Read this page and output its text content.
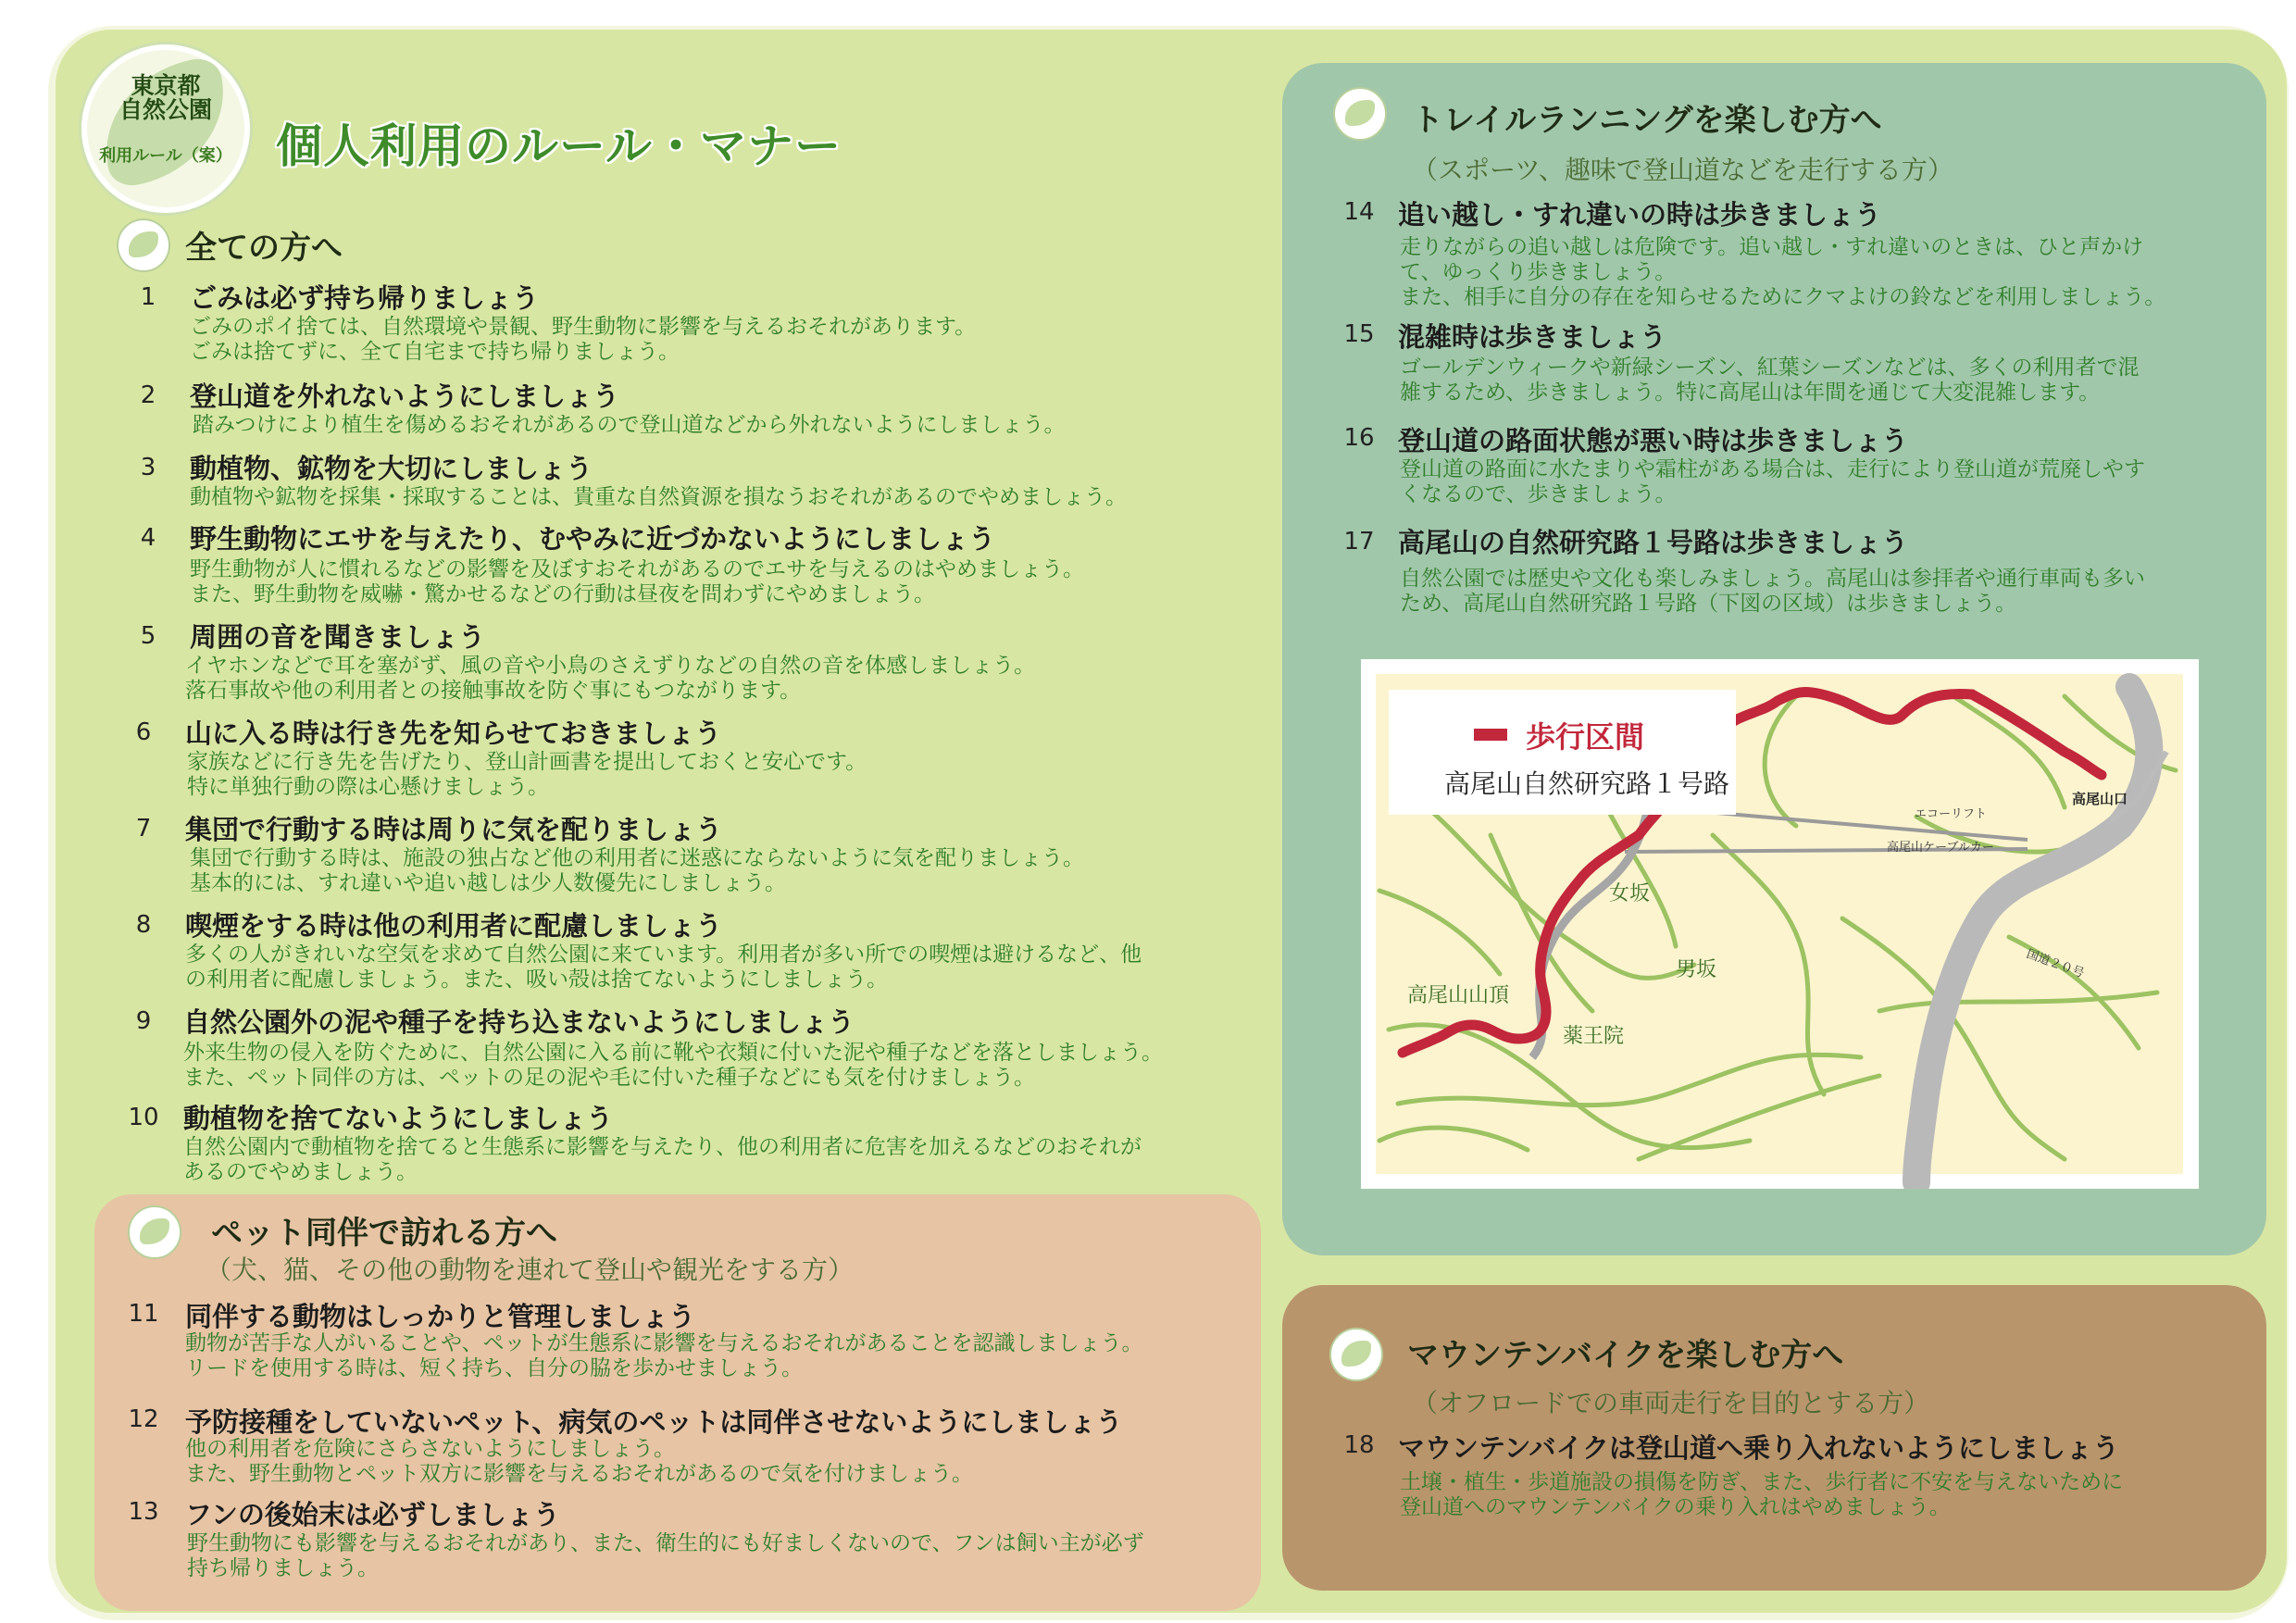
東京都
自然公園
利用ルール（案） 個人利用のルール・マナー
全ての方へ
1	ごみは必ず持ち帰りましょう
ごみのポイ捨ては、自然環境や景観、野生動物に影響を与えるおそれがあります。
ごみは捨てずに、全て自宅まで持ち帰りましょう。
2	登山道を外れないようにしましょう
踏みつけにより植生を傷めるおそれがあるので登山道などから外れないようにしましょう。
3	動植物、鉱物を大切にしましょう
動植物や鉱物を採集・採取することは、貴重な自然資源を損なうおそれがあるのでやめましょう。
4	野生動物にエサを与えたり、むやみに近づかないようにしましょう
野生動物が人に慣れるなどの影響を及ぼすおそれがあるのでエサを与えるのはやめましょう。
また、野生動物を威嚇・驚かせるなどの行動は昼夜を問わずにやめましょう。
5	周囲の音を聞きましょう
イヤホンなどで耳を塞がず、風の音や小鳥のさえずりなどの自然の音を体感しましょう。
落石事故や他の利用者との接触事故を防ぐ事にもつながります。
6	山に入る時は行き先を知らせておきましょう
家族などに行き先を告げたり、登山計画書を提出しておくと安心です。
特に単独行動の際は心懸けましょう。
7	集団で行動する時は周りに気を配りましょう
集団で行動する時は、施設の独占など他の利用者に迷惑にならないように気を配りましょう。
基本的には、すれ違いや追い越しは少人数優先にしましょう。
8	喫煙をする時は他の利用者に配慮しましょう
多くの人がきれいな空気を求めて自然公園に来ています。利用者が多い所での喫煙は避けるなど、他
の利用者に配慮しましょう。また、吸い殻は捨てないようにしましょう。
9	自然公園外の泥や種子を持ち込まないようにしましょう
外来生物の侵入を防ぐために、自然公園に入る前に靴や衣類に付いた泥や種子などを落としましょう。
また、ペット同伴の方は、ペットの足の泥や毛に付いた種子などにも気を付けましょう。
10 動植物を捨てないようにしましょう
自然公園内で動植物を捨てると生態系に影響を与えたり、他の利用者に危害を加えるなどのおそれが
あるのでやめましょう。
ペット同伴で訪れる方へ
（犬、猫、その他の動物を連れて登山や観光をする方）
11 同伴する動物はしっかりと管理しましょう
動物が苦手な人がいることや、ペットが生態系に影響を与えるおそれがあることを認識しましょう。
リードを使用する時は、短く持ち、自分の脇を歩かせましょう。
12 予防接種をしていないペット、病気のペットは同伴させないようにしましょう
他の利用者を危険にさらさないようにしましょう。
また、野生動物とペット双方に影響を与えるおそれがあるので気を付けましょう。
13 フンの後始末は必ずしましょう
野生動物にも影響を与えるおそれがあり、また、衛生的にも好ましくないので、フンは飼い主が必ず
持ち帰りましょう。
トレイルランニングを楽しむ方へ
（スポーツ、趣味で登山道などを走行する方）
14 追い越し・すれ違いの時は歩きましょう
走りながらの追い越しは危険です。追い越し・すれ違いのときは、ひと声かけ
て、ゆっくり歩きましょう。
また、相手に自分の存在を知らせるためにクマよけの鈴などを利用しましょう。
15 混雑時は歩きましょう
ゴールデンウィークや新緑シーズン、紅葉シーズンなどは、多くの利用者で混
雑するため、歩きましょう。特に高尾山は年間を通じて大変混雑します。
16 登山道の路面状態が悪い時は歩きましょう
登山道の路面に水たまりや霜柱がある場合は、走行により登山道が荒廃しやす
くなるので、歩きましょう。
17 高尾山の自然研究路１号路は歩きましょう
自然公園では歴史や文化も楽しみましょう。高尾山は参拝者や通行車両も多い
ため、高尾山自然研究路１号路（下図の区域）は歩きましょう。
歩行区間
高尾山自然研究路１号路
高尾山山頂
薬王院
女坂
男坂
高尾山口
エコーリフト
高尾山ケーブルカー
国道２０号
マウンテンバイクを楽しむ方へ
（オフロードでの車両走行を目的とする方）
18 マウンテンバイクは登山道へ乗り入れないようにしましょう
土壌・植生・歩道施設の損傷を防ぎ、また、歩行者に不安を与えないために
登山道へのマウンテンバイクの乗り入れはやめましょう。
